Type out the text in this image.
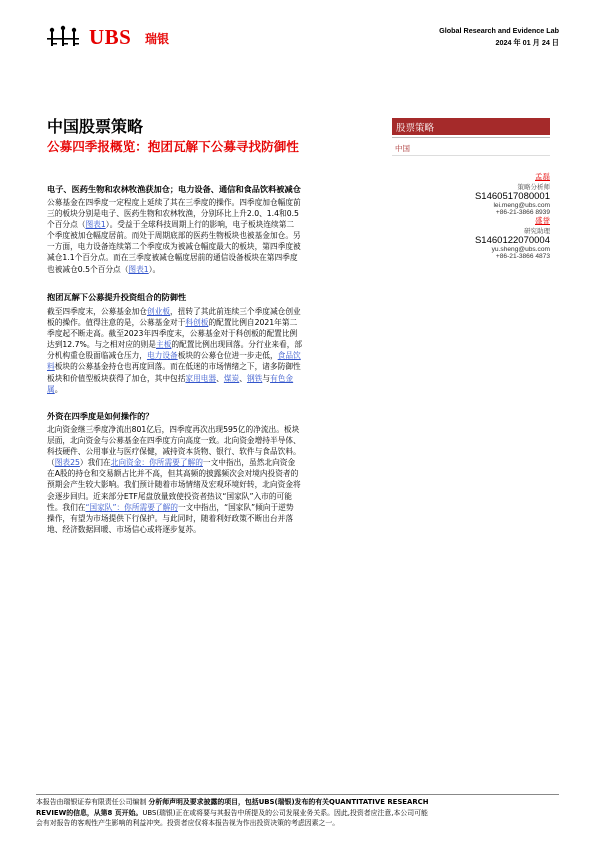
UBS 瑞银
Global Research and Evidence Lab
2024 年 01 月 24 日
中国股票策略
公募四季报概览：抱团瓦解下公募寻找防御性
股票策略
中国
孟磊
策略分析师
S1460517080001
lei.meng@ubs.com
+86-21-3866 8939
盛誉
研究助理
S1460122070004
yu.sheng@ubs.com
+86-21-3866 4873
电子、医药生物和农林牧渔获加仓；电力设备、通信和食品饮料被减仓
公募基金在四季度一定程度上延续了其在三季度的操作。四季度加仓幅度前
三的板块分别是电子、医药生物和农林牧渔，分别环比上升2.0、1.4和0.5
个百分点（图表1）。受益于全球科技周期上行的影响，电子板块连续第二
个季度被加仓幅度居前。而处于周期底部的医药生物板块也被基金加仓。另
一方面，电力设备连续第二个季度成为被减仓幅度最大的板块，第四季度被
减仓1.1个百分点。而在三季度被减仓幅度居前的通信设备板块在第四季度
也被减仓0.5个百分点（图表1）。
抱团瓦解下公募提升投资组合的防御性
截至四季度末，公募基金加仓创业板，扭转了其此前连续三个季度减仓创业
板的操作。值得注意的是，公募基金对于科创板的配置比例自2021年第二
季度起不断走高。截至2023年四季度末，公募基金对于科创板的配置比例
达到12.7%。与之相对应的则是主板的配置比例出现回落。分行业来看，部
分机构重仓股面临减仓压力，电力设备板块的公募仓位进一步走低，食品饮
料板块的公募基金持仓也再度回落。而在低迷的市场情绪之下，诸多防御性
板块和价值型板块获得了加仓，其中包括家用电器、煤炭、钢铁与有色金
属。
外资在四季度是如何操作的？
北向资金继三季度净流出801亿后，四季度再次出现595亿的净流出。板块
层面，北向资金与公募基金在四季度方向高度一致。北向资金增持半导体、
科技硬件、公用事业与医疗保健，减持资本货物、银行、软件与食品饮料。
（图表25）我们在北向资金：你所需要了解的一文中指出，虽然北向资金
在A股的持仓和交易额占比并不高，但其高频的披露频次会对境内投资者的
预期会产生较大影响。我们预计随着市场情绪及宏观环境好转，北向资金将
会逐步回归。近来部分ETF尾盘放量致使投资者热议“国家队”入市的可能
性。我们在“国家队”：你所需要了解的一文中指出，“国家队”倾向于逆势
操作，有望为市场提供下行保护。与此同时，随着利好政策不断出台并落
地、经济数据回暖、市场信心或将逐步复苏。
本报告由瑞银证券有限责任公司编制 分析师声明及要求披露的项目，包括UBS(瑞银)发布的有关QUANTITATIVE RESEARCH
REVIEW的信息，从第8 页开始。UBS(瑞银)正在或将要与其报告中所提及的公司发展业务关系。因此,投资者应注意,本公司可能
会有对报告的客观性产生影响的利益冲突。投资者应仅将本报告视为作出投资决策的考虑因素之一。
